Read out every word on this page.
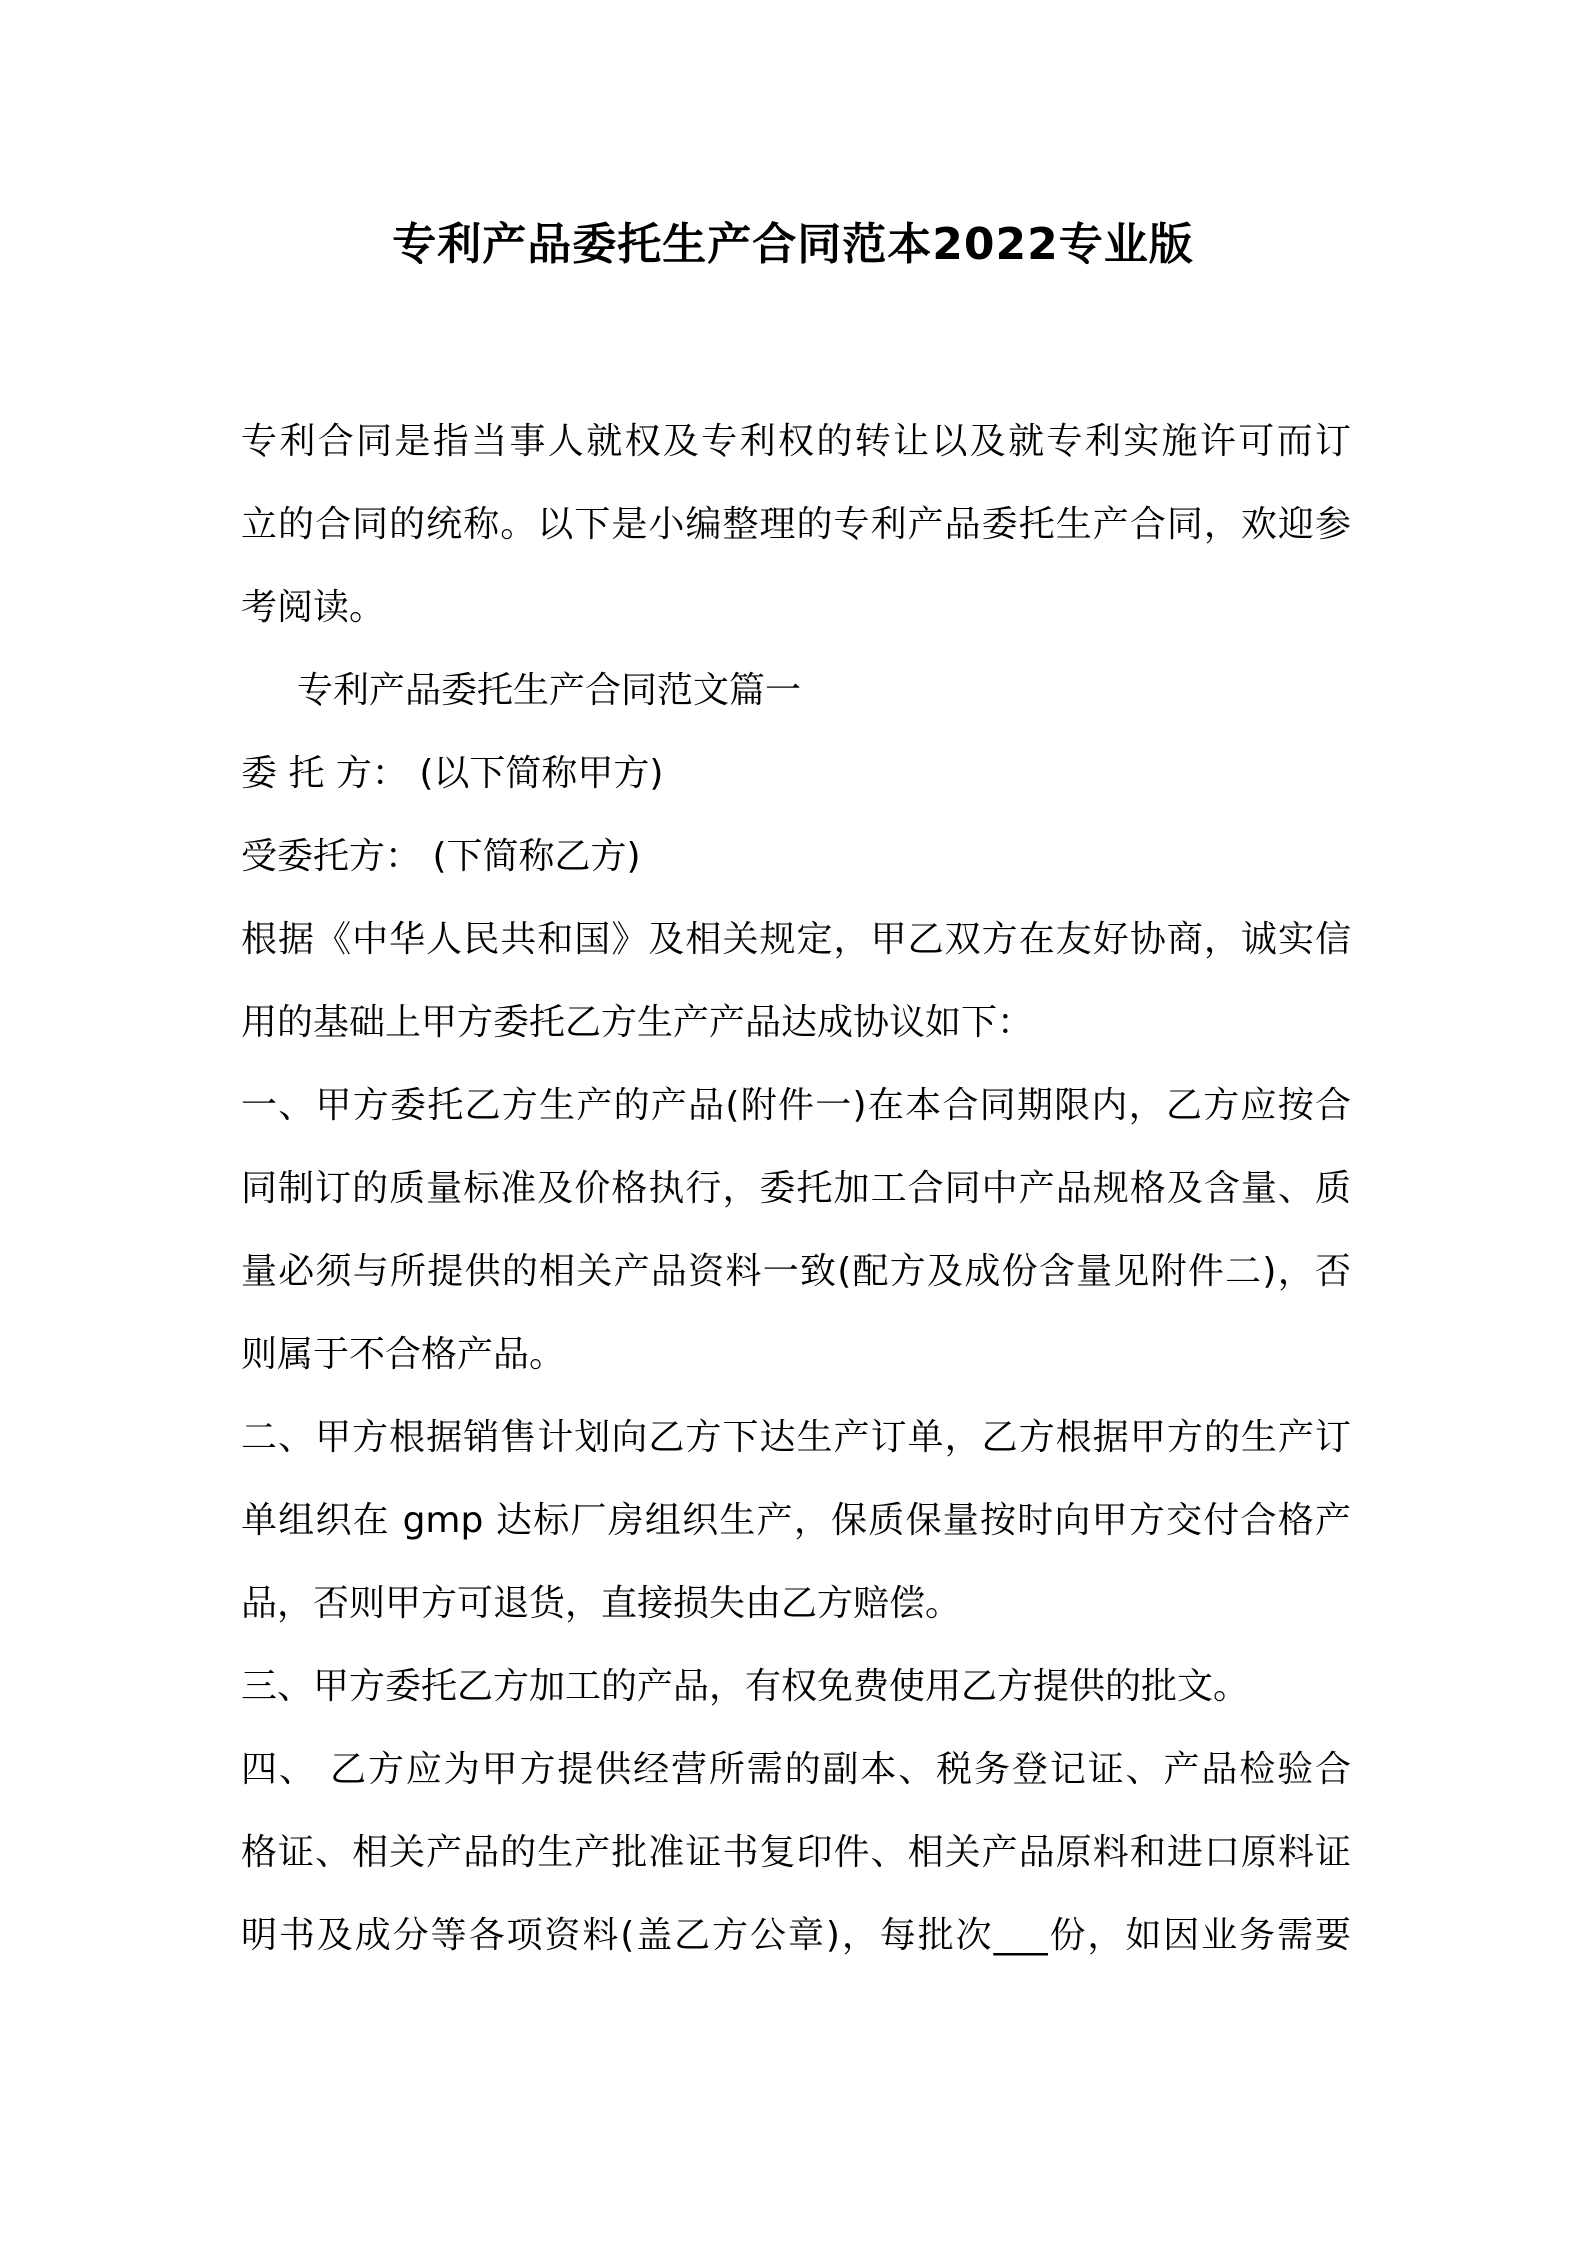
专利产品委托生产合同范本2022专业版
专利合同是指当事人就权及专利权的转让以及就专利实施许可而订
立的合同的统称。以下是小编整理的专利产品委托生产合同，欢迎参
考阅读。
专利产品委托生产合同范文篇一
委 托 方： (以下简称甲方)
受委托方： (下简称乙方)
根据《中华人民共和国》及相关规定，甲乙双方在友好协商，诚实信
用的基础上甲方委托乙方生产产品达成协议如下：
一、甲方委托乙方生产的产品(附件一)在本合同期限内，乙方应按合
同制订的质量标准及价格执行，委托加工合同中产品规格及含量、质
量必须与所提供的相关产品资料一致(配方及成份含量见附件二)，否
则属于不合格产品。
二、甲方根据销售计划向乙方下达生产订单，乙方根据甲方的生产订
单组织在 gmp 达标厂房组织生产，保质保量按时向甲方交付合格产
品，否则甲方可退货，直接损失由乙方赔偿。
三、甲方委托乙方加工的产品，有权免费使用乙方提供的批文。
四、 乙方应为甲方提供经营所需的副本、税务登记证、产品检验合
格证、相关产品的生产批准证书复印件、相关产品原料和进口原料证
明书及成分等各项资料(盖乙方公章)，每批次___份，如因业务需要
